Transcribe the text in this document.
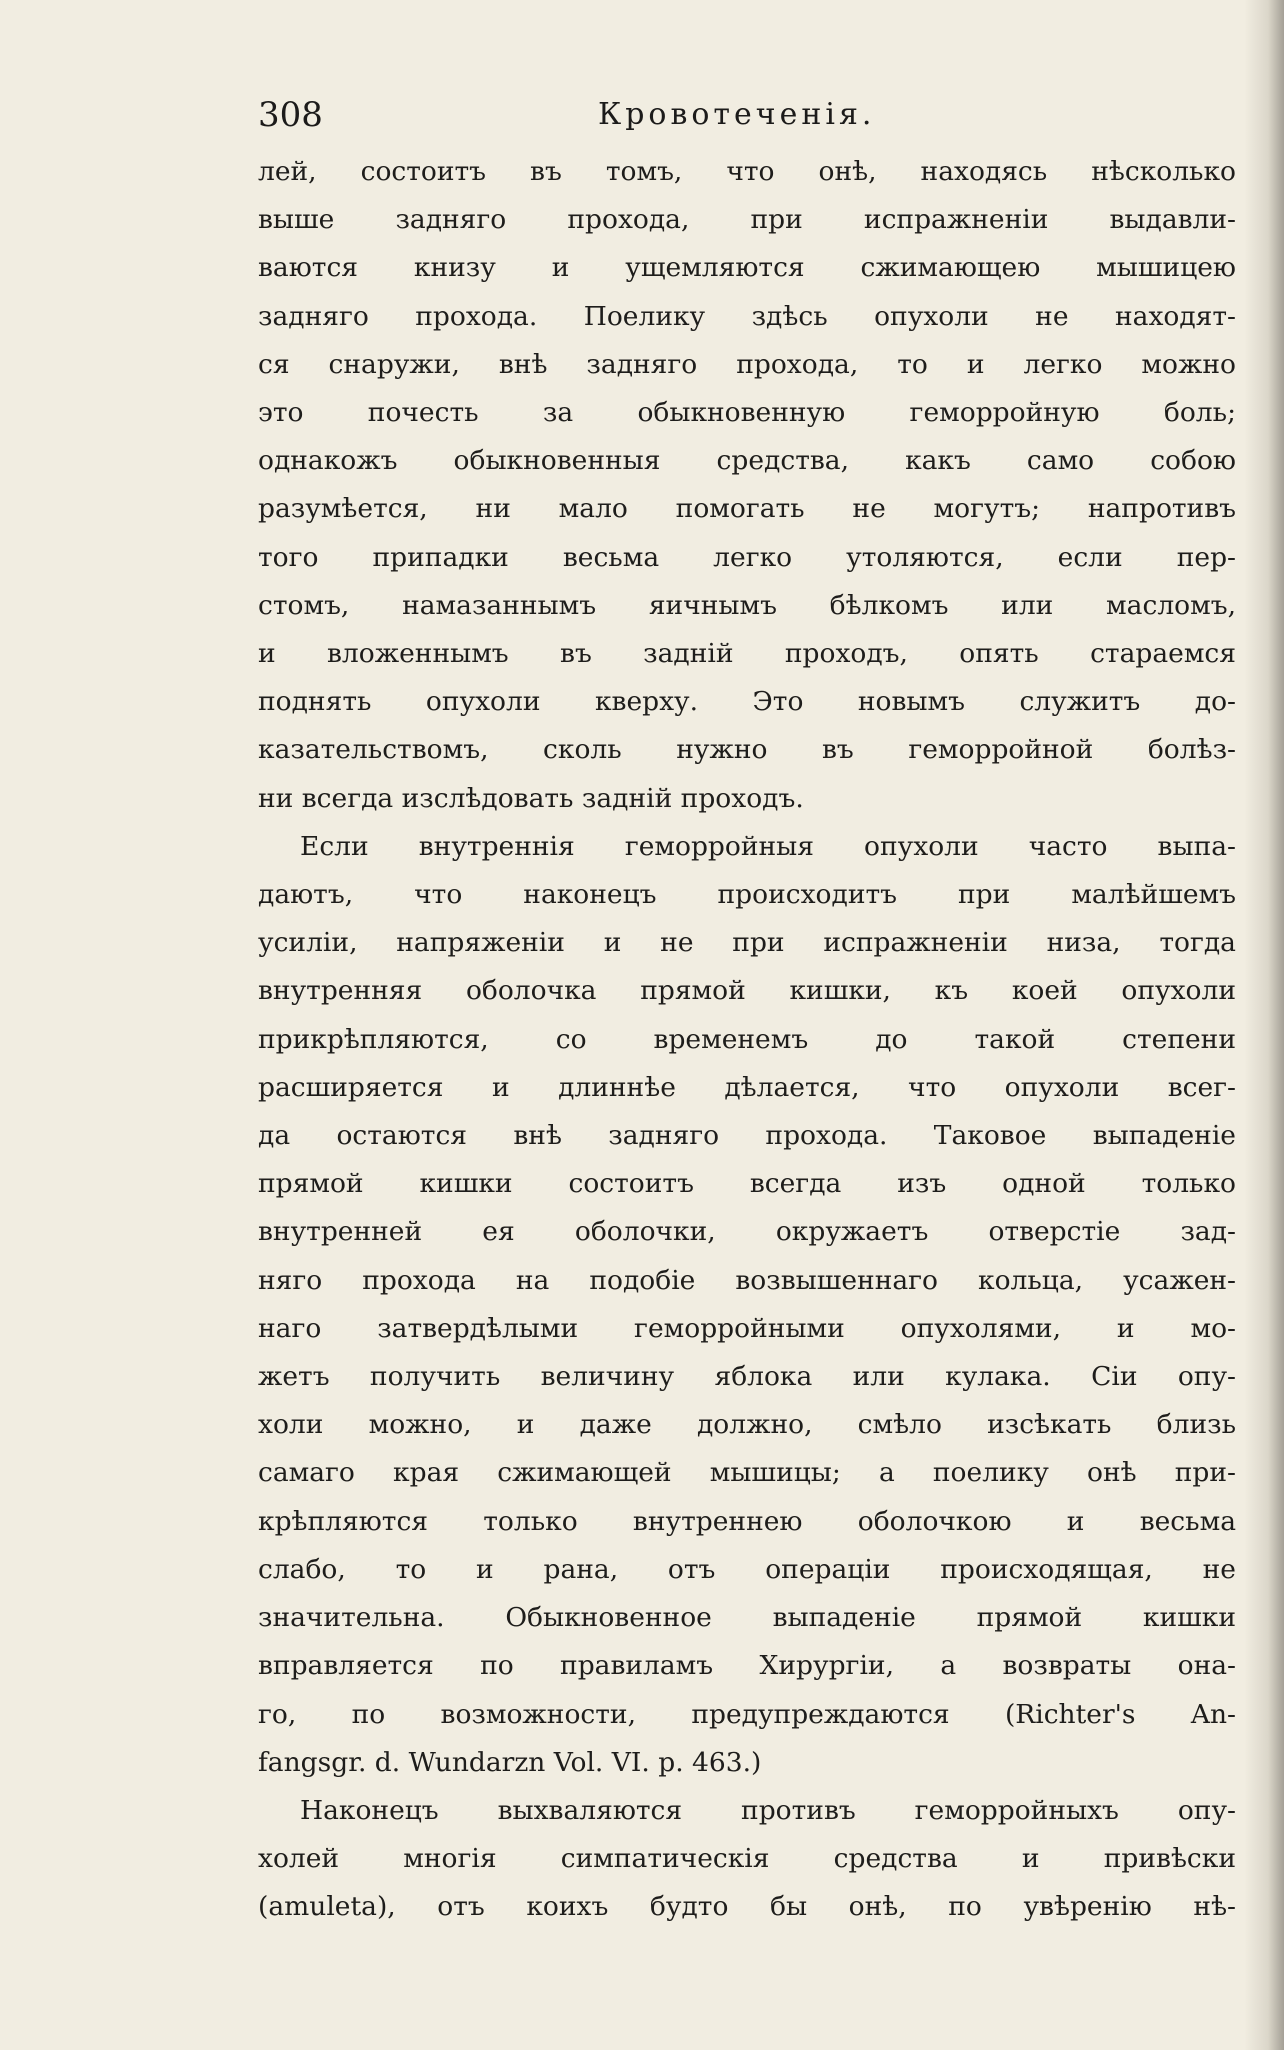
308	Кровотеченія.

лей, состоитъ въ томъ, что онѣ, находясь нѣсколько
выше задняго прохода, при испражненіи выдавли-
ваются книзу и ущемляются сжимающею мышицею
задняго прохода. Поелику здѣсь опухоли не находят-
ся снаружи, внѣ задняго прохода, то и легко можно
это почесть за обыкновенную геморройную боль;
однакожъ обыкновенныя средства, какъ само собою
разумѣется, ни мало помогать не могутъ; напротивъ
того припадки весьма легко утоляются, если пер-
стомъ, намазаннымъ яичнымъ бѣлкомъ или масломъ,
и вложеннымъ въ задній проходъ, опять стараемся
поднять опухоли кверху. Это новымъ служитъ до-
казательствомъ, сколь нужно въ геморройной болѣз-
ни всегда изслѣдовать задній проходъ.

Если внутреннія геморройныя опухоли часто выпа-
даютъ, что наконецъ происходитъ при малѣйшемъ
усиліи, напряженіи и не при испражненіи низа, тогда
внутренняя оболочка прямой кишки, къ коей опухоли
прикрѣпляются, со временемъ до такой степени
расширяется и длиннѣе дѣлается, что опухоли всег-
да остаются внѣ задняго прохода. Таковое выпаденіе
прямой кишки состоитъ всегда изъ одной только
внутренней ея оболочки, окружаетъ отверстіе зад-
няго прохода на подобіе возвышеннаго кольца, усажен-
наго затвердѣлыми геморройными опухолями, и мо-
жетъ получить величину яблока или кулака. Сіи опу-
холи можно, и даже должно, смѣло изсѣкать близь
самаго края сжимающей мышицы; а поелику онѣ при-
крѣпляются только внутреннею оболочкою и весьма
слабо, то и рана, отъ операціи происходящая, не
значительна. Обыкновенное выпаденіе прямой кишки
вправляется по правиламъ Хирургіи, а возвраты она-
го, по возможности, предупреждаются (Richter's An-
fangsgr. d. Wundarzn Vol. VI. p. 463.)

Наконецъ выхваляются противъ геморройныхъ опу-
холей многія симпатическія средства и привѣски
(amuleta), отъ коихъ будто бы онѣ, по увѣренію нѣ-
